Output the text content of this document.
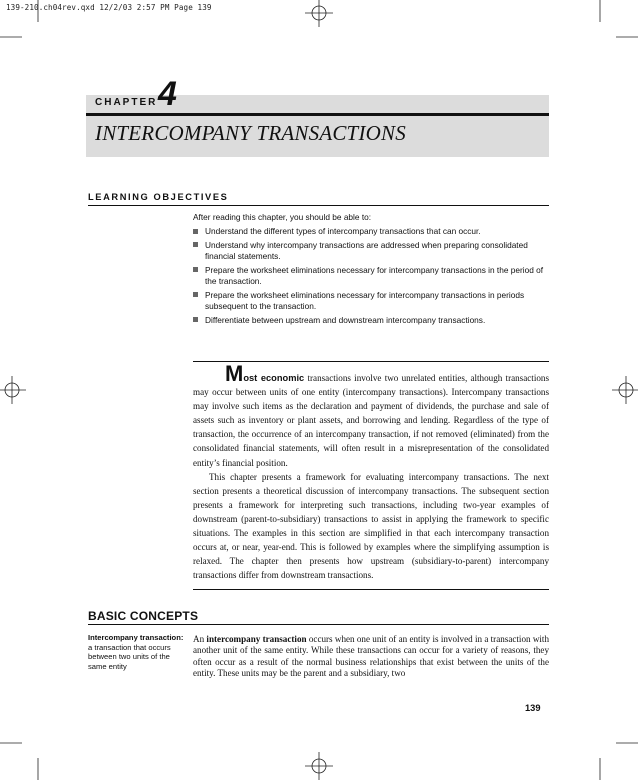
139-210.ch04rev.qxd 12/2/03 2:57 PM Page 139
CHAPTER 4
INTERCOMPANY TRANSACTIONS
LEARNING OBJECTIVES
After reading this chapter, you should be able to:
Understand the different types of intercompany transactions that can occur.
Understand why intercompany transactions are addressed when preparing consolidated financial statements.
Prepare the worksheet eliminations necessary for intercompany transactions in the period of the transaction.
Prepare the worksheet eliminations necessary for intercompany transactions in periods subsequent to the transaction.
Differentiate between upstream and downstream intercompany transactions.

Most economic transactions involve two unrelated entities, although transactions may occur between units of one entity (intercompany transactions). Intercompany transactions may involve such items as the declaration and payment of dividends, the purchase and sale of assets such as inventory or plant assets, and borrowing and lending. Regardless of the type of transaction, the occurrence of an intercompany transaction, if not removed (eliminated) from the consolidated financial statements, will often result in a misrepresentation of the consolidated entity’s financial position.

This chapter presents a framework for evaluating intercompany transactions. The next section presents a theoretical discussion of intercompany transactions. The subsequent section presents a framework for interpreting such transactions, including two-year examples of downstream (parent-to-subsidiary) transactions to assist in applying the framework to specific situations. The examples in this section are simplified in that each intercompany transaction occurs at, or near, year-end. This is followed by examples where the simplifying assumption is relaxed. The chapter then presents how upstream (subsidiary-to-parent) intercompany transactions differ from downstream transactions.

BASIC CONCEPTS
Intercompany transaction: a transaction that occurs between two units of the same entity
An intercompany transaction occurs when one unit of an entity is involved in a transaction with another unit of the same entity. While these transactions can occur for a variety of reasons, they often occur as a result of the normal business relationships that exist between the units of the entity. These units may be the parent and a subsidiary, two
139
